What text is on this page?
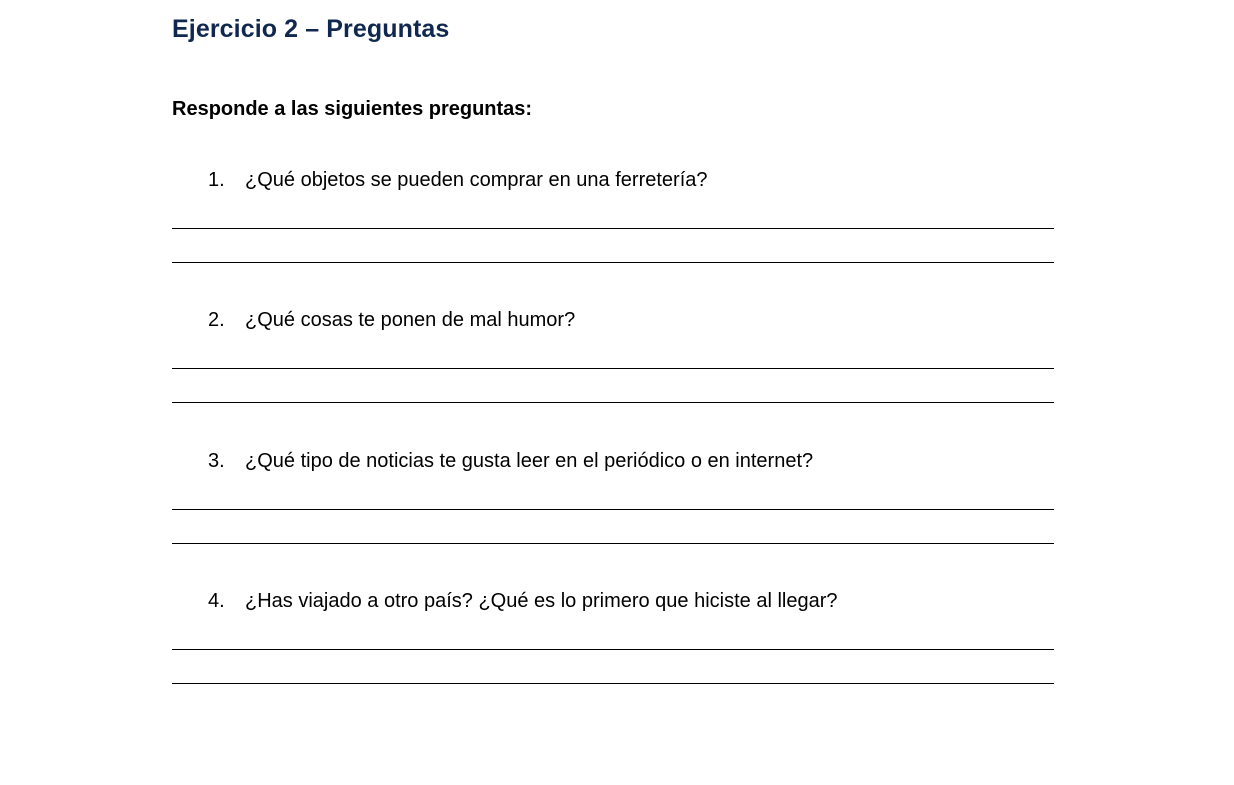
Ejercicio 2 – Preguntas

Responde a las siguientes preguntas:

1. ¿Qué objetos se pueden comprar en una ferretería?

2. ¿Qué cosas te ponen de mal humor?

3. ¿Qué tipo de noticias te gusta leer en el periódico o en internet?

4. ¿Has viajado a otro país? ¿Qué es lo primero que hiciste al llegar?
